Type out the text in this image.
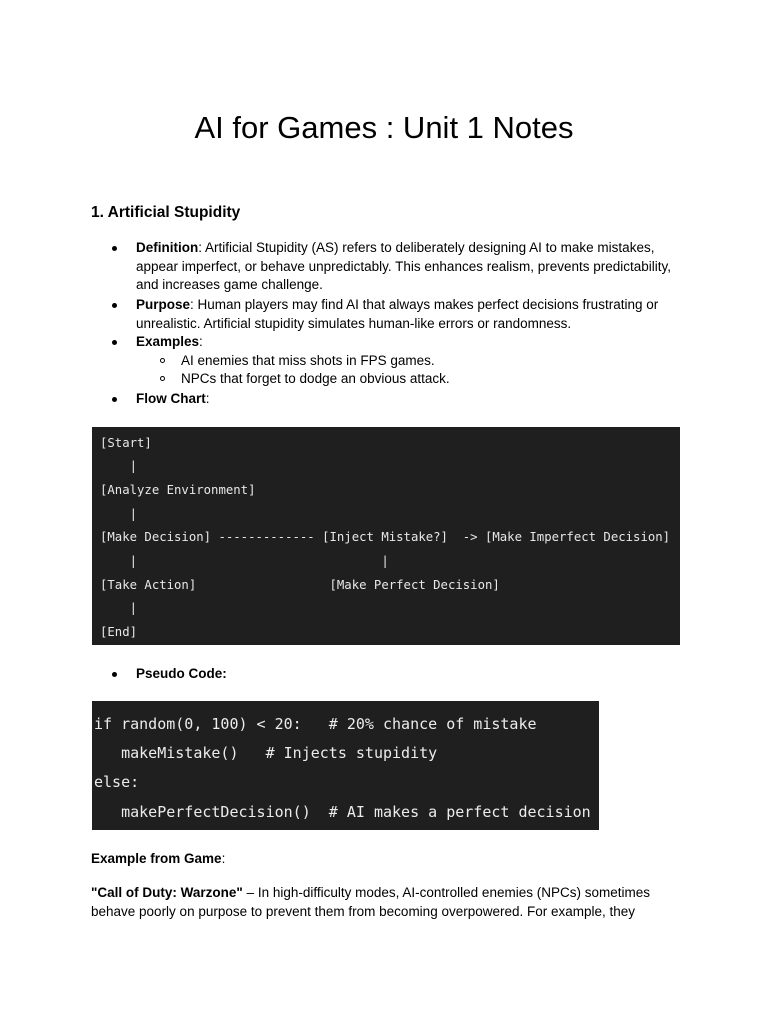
AI for Games : Unit 1 Notes
1. Artificial Stupidity
Definition: Artificial Stupidity (AS) refers to deliberately designing AI to make mistakes, appear imperfect, or behave unpredictably. This enhances realism, prevents predictability, and increases game challenge.
Purpose: Human players may find AI that always makes perfect decisions frustrating or unrealistic. Artificial stupidity simulates human-like errors or randomness.
Examples:
AI enemies that miss shots in FPS games.
NPCs that forget to dodge an obvious attack.
Flow Chart:
[Start]
|
[Analyze Environment]
|
[Make Decision] ------------- [Inject Mistake?]  -> [Make Imperfect Decision]
|                                 |
[Take Action]                  [Make Perfect Decision]
|
[End]
Pseudo Code:
if random(0, 100) < 20:   # 20% chance of mistake
makeMistake()   # Injects stupidity
else:
makePerfectDecision()  # AI makes a perfect decision
Example from Game:
"Call of Duty: Warzone" – In high-difficulty modes, AI-controlled enemies (NPCs) sometimes behave poorly on purpose to prevent them from becoming overpowered. For example, they
